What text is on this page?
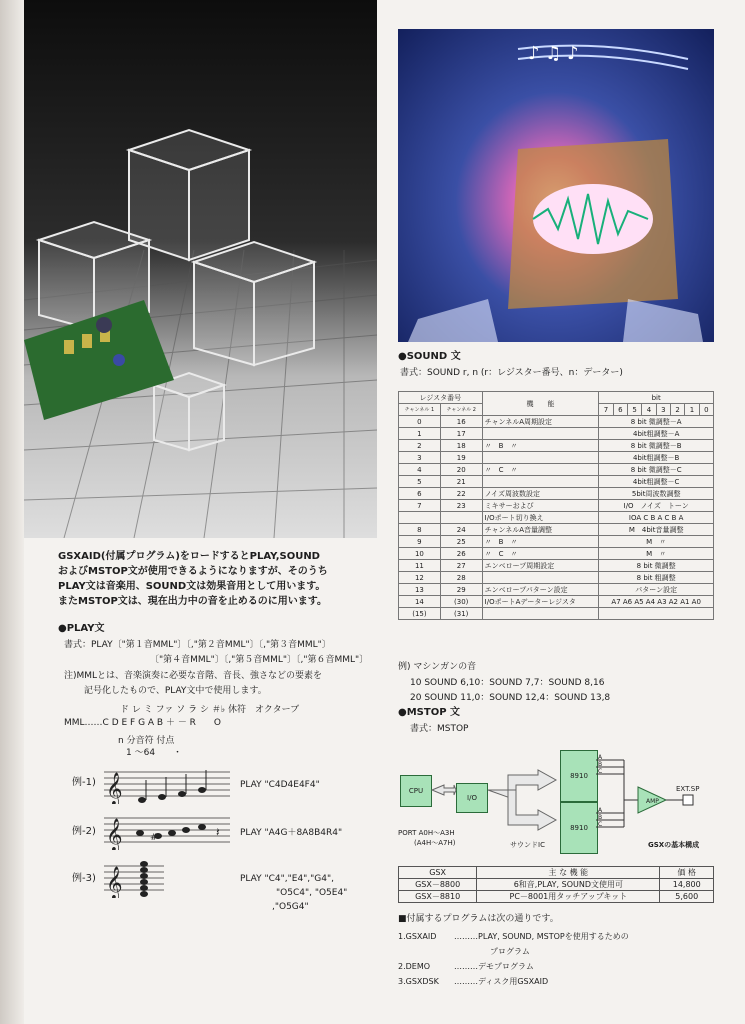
♪ ♫ ♪
GSXAID(付属プログラム)をロードするとPLAY,SOUND
およびMSTOP文が使用できるようになりますが、そのうち
PLAY文は音楽用、SOUND文は効果音用として用います。
またMSTOP文は、現在出力中の音を止めるのに用います。
●PLAY文
書式：PLAY〔"第１音MML"〕〔,"第２音MML"〕〔,"第３音MML"〕
〔"第４音MML"〕〔,"第５音MML"〕〔,"第６音MML"〕
注)MMLとは、音楽演奏に必要な音階、音長、強さなどの要素を
記号化したもので、PLAY文中で使用します。
ド レ ミ ファ ソ ラ シ ＃♭ 休符　オクターブ
MML……C D E F G A B ＋ － R　　O
n 分音符 付点
1 ～64　　・
例-1) 𝄞	PLAY "C4D4E4F4"
例-2) 𝄞	#	𝄽 PLAY "A4G＋8A8B4R4"
例-3) 𝄞	PLAY "C4","E4","G4",
"O5C4", "O5E4"
,"O5G4"
●SOUND 文
書式：SOUND r, n (r：レジスター番号、n：データー)
レジスタ番号		機　　能	bit							
チャンネル 1	チャンネル 2		7	6	5	4	3	2	1	0
0	16	チャンネルA周期設定	8 bit 微調整－A							
1	17		4bit粗調整－A							
2	18	〃　B　〃	8 bit 微調整－B							
3	19		4bit粗調整－B							
4	20	〃　C　〃	8 bit 微調整－C							
5	21		4bit粗調整－C							
6	22	ノイズ周波数設定	5bit周波数調整							
7	23	ミキサーおよび	I/O　ノイズ　トーン							
		I/Oポート切り換え	IOA C B A C B A							
8	24	チャンネルA音量調整	M　4bit音量調整							
9	25	〃　B　〃	M　〃							
10	26	〃　C　〃	M　〃							
11	27	エンベロープ周期設定	8 bit 微調整							
12	28		8 bit 粗調整							
13	29	エンベロープパターン設定	パターン設定							
14	(30)	I/OポートAデーターレジスタ	A7 A6 A5 A4 A3 A2 A1 A0							
(15)	(31)									
例) マシンガンの音
10 SOUND 6,10：SOUND 7,7：SOUND 8,16
20 SOUND 11,0：SOUND 12,4：SOUND 13,8
●MSTOP 文
書式：MSTOP
CPU
I/O
8910
8910
AMP
EXT.SP
A
B
C
A
B
C
PORT A0H～A3H
(A4H～A7H)	サウンドIC	GSXの基本構成
GSX	主 な 機 能	価 格
GSX－8800	6和音,PLAY, SOUND文使用可	14,800
GSX－8810	PC－8001用タッチアップキット	5,600
■付属するプログラムは次の通りです。
1.GSXAID ………PLAY, SOUND, MSTOPを使用するための
プログラム
2.DEMO	………デモプログラム
3.GSXDSK ………ディスク用GSXAID
